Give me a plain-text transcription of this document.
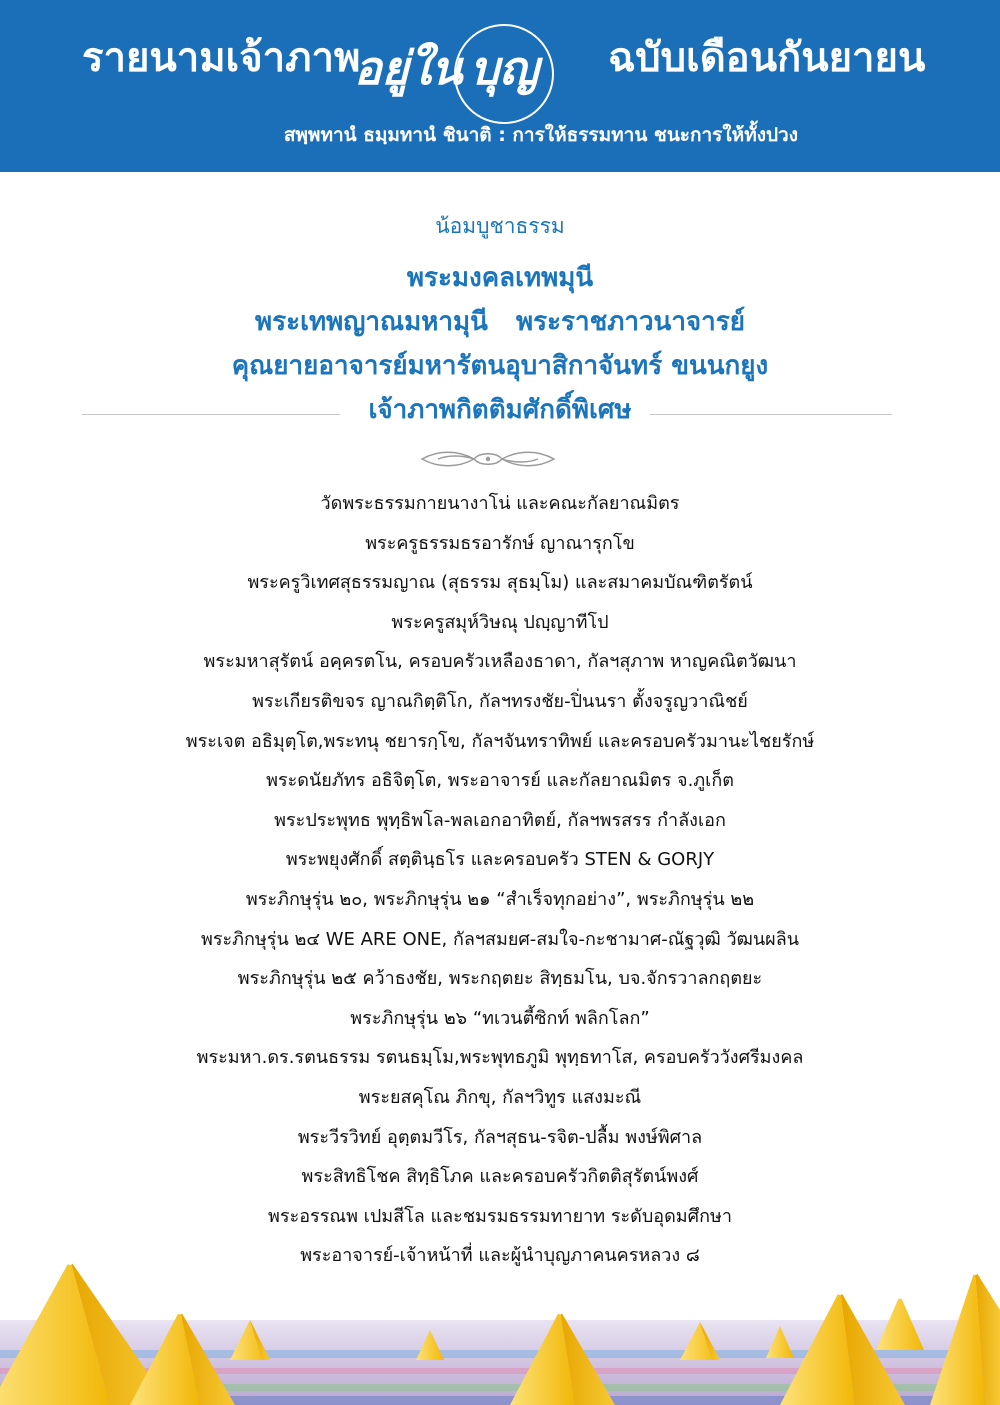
รายนามเจ้าภาพ
อยู่ใน บุญ ฉบับเดือนกันยายน
สพฺพทานํ ธมฺมทานํ ชินาติ : การให้ธรรมทาน ชนะการให้ทั้งปวง
น้อมบูชาธรรม
พระมงคลเทพมุนี
พระเทพญาณมหามุนี พระราชภาวนาจารย์
คุณยายอาจารย์มหารัตนอุบาสิกาจันทร์ ขนนกยูง
เจ้าภาพกิตติมศักดิ์พิเศษ
วัดพระธรรมกายนางาโน่ และคณะกัลยาณมิตร
พระครูธรรมธรอารักษ์ ญาณารุกโข
พระครูวิเทศสุธรรมญาณ (สุธรรม สุธมฺโม) และสมาคมบัณฑิตรัตน์
พระครูสมุห์วิษณุ ปญฺญาทีโป
พระมหาสุรัตน์ อคฺครตโน, ครอบครัวเหลืองธาดา, กัลฯสุภาพ หาญคณิตวัฒนา
พระเกียรติขจร ญาณกิตฺติโก, กัลฯทรงชัย-ปิ่นนรา ตั้งจรูญวาณิชย์
พระเจต อธิมุตฺโต,พระทนุ ชยารกฺโข, กัลฯจันทราทิพย์ และครอบครัวมานะไชยรักษ์
พระดนัยภัทร อธิจิตฺโต, พระอาจารย์ และกัลยาณมิตร จ.ภูเก็ต
พระประพุทธ พุทฺธิพโล-พลเอกอาทิตย์, กัลฯพรสรร กำลังเอก
พระพยุงศักดิ์ สตฺตินฺธโร และครอบครัว STEN & GORJY
พระภิกษุรุ่น ๒๐, พระภิกษุรุ่น ๒๑ “สำเร็จทุกอย่าง”, พระภิกษุรุ่น ๒๒
พระภิกษุรุ่น ๒๔ WE ARE ONE, กัลฯสมยศ-สมใจ-กะชามาศ-ณัฐวุฒิ วัฒนผลิน
พระภิกษุรุ่น ๒๕ คว้าธงชัย, พระกฤตยะ สิทฺธมโน, บจ.จักรวาลกฤตยะ
พระภิกษุรุ่น ๒๖ “ทเวนตี้ซิกท์ พลิกโลก”
พระมหา.ดร.รตนธรรม รตนธมฺโม,พระพุทธภูมิ พุทฺธทาโส, ครอบครัววังศรีมงคล
พระยสคุโณ ภิกขุ, กัลฯวิทูร แสงมะณี
พระวีรวิทย์ อุตฺตมวีโร, กัลฯสุธน-รจิต-ปลื้ม พงษ์พิศาล
พระสิทธิโชค สิทฺธิโภค และครอบครัวกิตติสุรัตน์พงศ์
พระอรรณพ เปมสีโล และชมรมธรรมทายาท ระดับอุดมศึกษา
พระอาจารย์-เจ้าหน้าที่ และผู้นำบุญภาคนครหลวง ๘
